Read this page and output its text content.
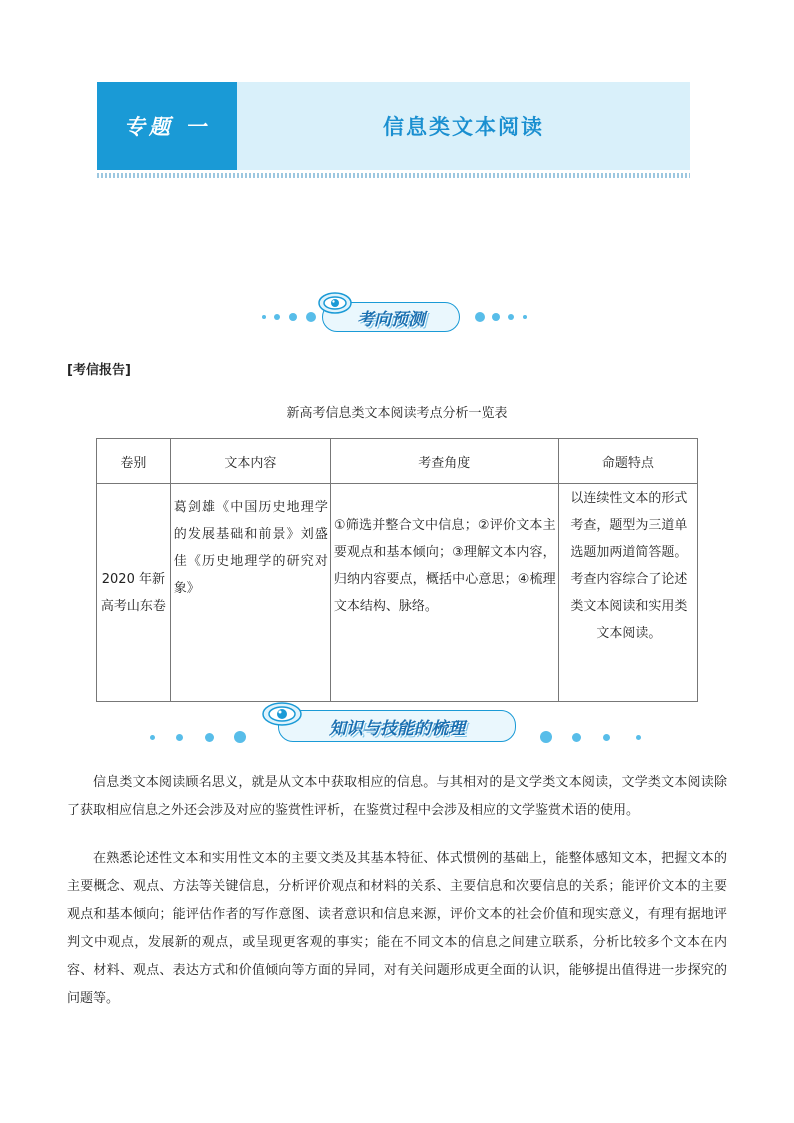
专题 一	信息类文本阅读
考向预测
[考信报告]
新高考信息类文本阅读考点分析一览表
卷别	文本内容	考查角度	命题特点
2020 年新高考山东卷	葛剑雄《中国历史地理学的发展基础和前景》刘盛佳《历史地理学的研究对象》	①筛选并整合文中信息；②评价文本主要观点和基本倾向；③理解文本内容，归纳内容要点，概括中心意思；④梳理文本结构、脉络。	以连续性文本的形式考查，题型为三道单选题加两道简答题。考查内容综合了论述类文本阅读和实用类文本阅读。
知识与技能的梳理

信息类文本阅读顾名思义，就是从文本中获取相应的信息。与其相对的是文学类文本阅读，文学类文本阅读除了获取相应信息之外还会涉及对应的鉴赏性评析，在鉴赏过程中会涉及相应的文学鉴赏术语的使用。

在熟悉论述性文本和实用性文本的主要文类及其基本特征、体式惯例的基础上，能整体感知文本，把握文本的主要概念、观点、方法等关键信息，分析评价观点和材料的关系、主要信息和次要信息的关系；能评价文本的主要观点和基本倾向；能评估作者的写作意图、读者意识和信息来源，评价文本的社会价值和现实意义，有理有据地评判文中观点，发展新的观点，或呈现更客观的事实；能在不同文本的信息之间建立联系，分析比较多个文本在内容、材料、观点、表达方式和价值倾向等方面的异同，对有关问题形成更全面的认识，能够提出值得进一步探究的问题等。
